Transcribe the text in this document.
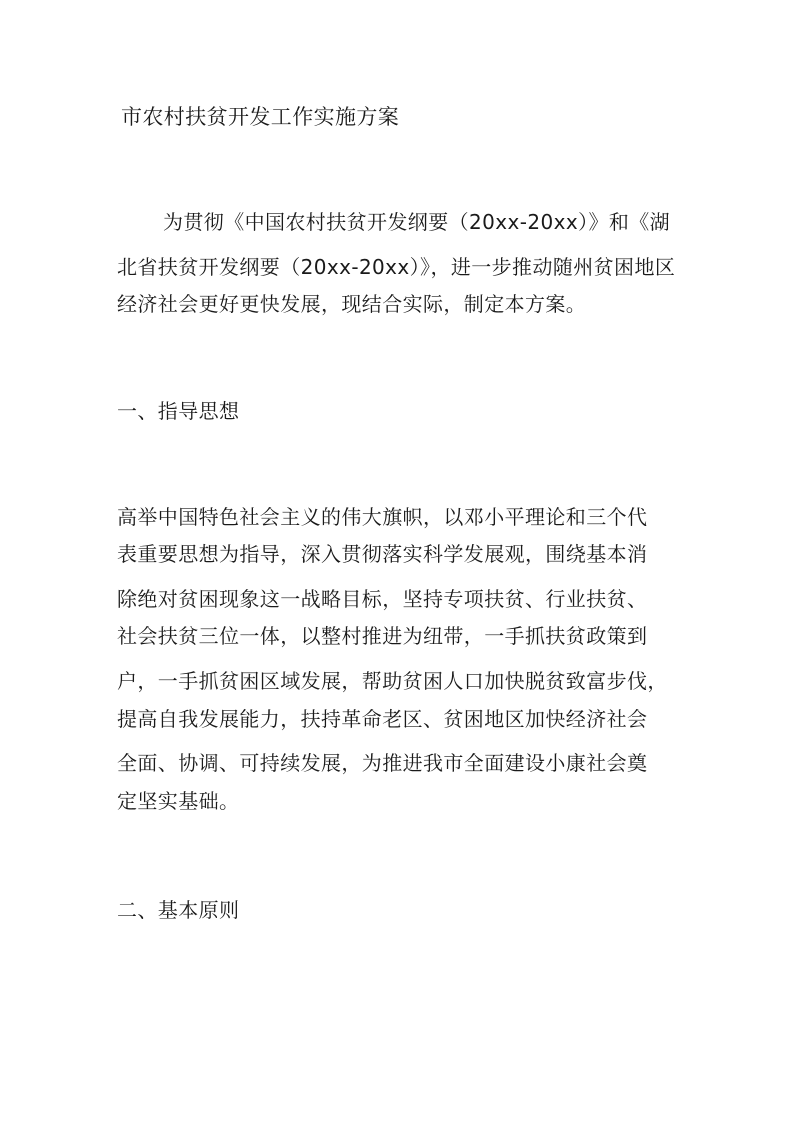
市农村扶贫开发工作实施方案
为贯彻《中国农村扶贫开发纲要（20xx-20xx）》和《湖
北省扶贫开发纲要（20xx-20xx）》，进一步推动随州贫困地区
经济社会更好更快发展，现结合实际，制定本方案。
一、指导思想
高举中国特色社会主义的伟大旗帜，以邓小平理论和三个代
表重要思想为指导，深入贯彻落实科学发展观，围绕基本消
除绝对贫困现象这一战略目标，坚持专项扶贫、行业扶贫、
社会扶贫三位一体，以整村推进为纽带，一手抓扶贫政策到
户，一手抓贫困区域发展，帮助贫困人口加快脱贫致富步伐，
提高自我发展能力，扶持革命老区、贫困地区加快经济社会
全面、协调、可持续发展，为推进我市全面建设小康社会奠
定坚实基础。
二、基本原则
